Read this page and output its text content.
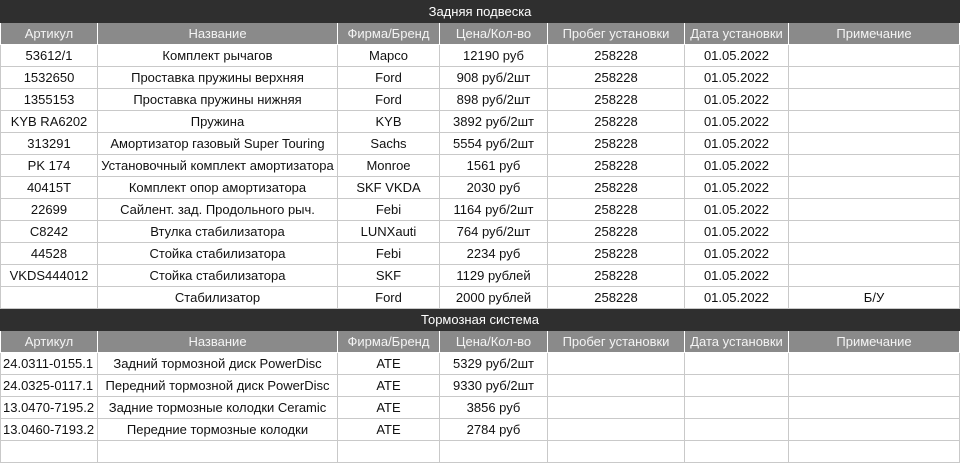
Задняя подвеска						
Артикул	Название	Фирма/Бренд	Цена/Кол-во	Пробег установки	Дата установки	Примечание
53612/1	Комплект рычагов	Mapco	12190 руб	258228	01.05.2022	
1532650	Проставка пружины верхняя	Ford	908 руб/2шт	258228	01.05.2022	
1355153	Проставка пружины нижняя	Ford	898 руб/2шт	258228	01.05.2022	
KYB RA6202	Пружина	KYB	3892 руб/2шт	258228	01.05.2022	
313291	Амортизатор газовый Super Touring	Sachs	5554 руб/2шт	258228	01.05.2022	
PK 174	Установочный комплект амортизатора	Monroe	1561 руб	258228	01.05.2022	
40415T	Комплект опор амортизатора	SKF VKDA	2030 руб	258228	01.05.2022	
22699	Сайлент. зад. Продольного рыч.	Febi	1164 руб/2шт	258228	01.05.2022	
C8242	Втулка стабилизатора	LUNXauti	764 руб/2шт	258228	01.05.2022	
44528	Стойка стабилизатора	Febi	2234 руб	258228	01.05.2022	
VKDS444012	Стойка стабилизатора	SKF	1129 рублей	258228	01.05.2022	
	Стабилизатор	Ford	2000 рублей	258228	01.05.2022	Б/У
Тормозная система						
Артикул	Название	Фирма/Бренд	Цена/Кол-во	Пробег установки	Дата установки	Примечание
24.0311-0155.1	Задний тормозной диск PowerDisc	ATE	5329 руб/2шт			
24.0325-0117.1	Передний тормозной диск PowerDisc	ATE	9330 руб/2шт			
13.0470-7195.2	Задние тормозные колодки Ceramic	ATE	3856 руб			
13.0460-7193.2	Передние тормозные колодки	ATE	2784 руб			
